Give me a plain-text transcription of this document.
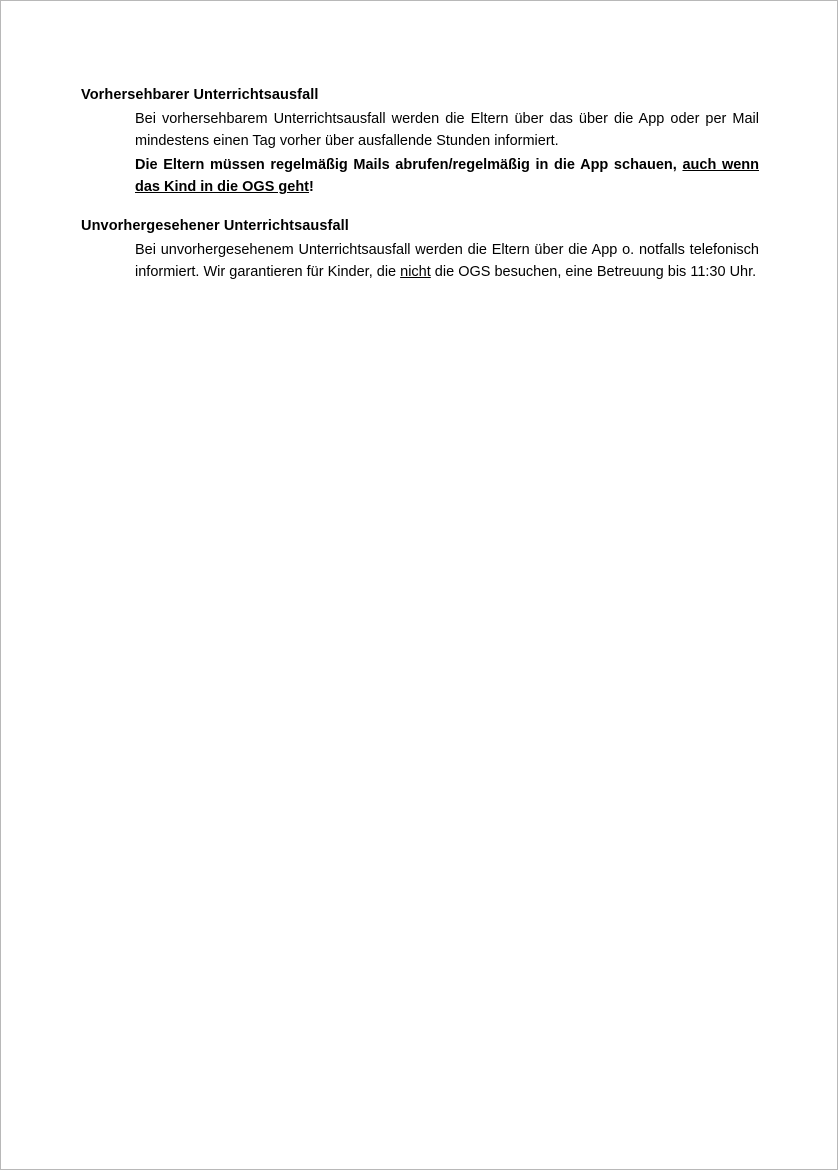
Vorhersehbarer Unterrichtsausfall

Bei vorhersehbarem Unterrichtsausfall werden die Eltern über das über die App oder per Mail mindestens einen Tag vorher über ausfallende Stunden informiert.

Die Eltern müssen regelmäßig Mails abrufen/regelmäßig in die App schauen, auch wenn das Kind in die OGS geht!

Unvorhergesehener Unterrichtsausfall

Bei unvorhergesehenem Unterrichtsausfall werden die Eltern über die App o. notfalls telefonisch informiert. Wir garantieren für Kinder, die nicht die OGS besuchen, eine Betreuung bis 11:30 Uhr.
